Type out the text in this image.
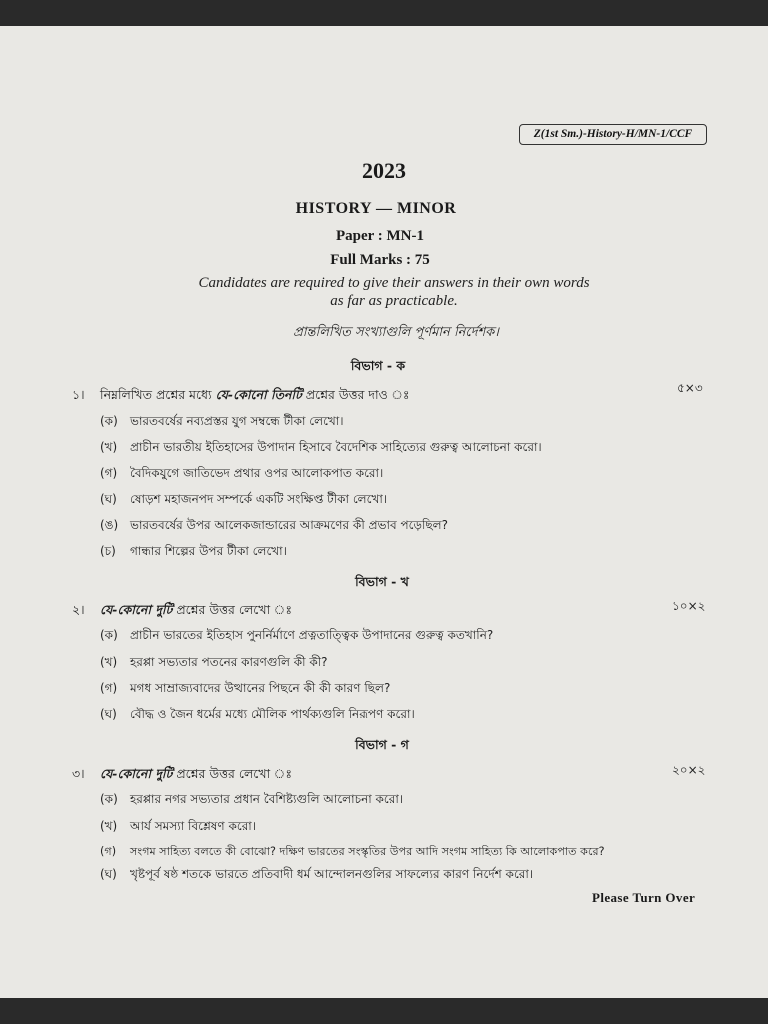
Z(1st Sm.)-History-H/MN-1/CCF
2023
HISTORY — MINOR
Paper : MN-1
Full Marks : 75
Candidates are required to give their answers in their own words
as far as practicable.
প্রান্তলিখিত সংখ্যাগুলি পূর্ণমান নির্দেশক।
বিভাগ - ক
১। নিম্নলিখিত প্রশ্নের মধ্যে যে-কোনো তিনটি প্রশ্নের উত্তর দাও ঃ	৫×৩
(ক) ভারতবর্ষের নব্যপ্রস্তর যুগ সম্বন্ধে টীকা লেখো।
(খ) প্রাচীন ভারতীয় ইতিহাসের উপাদান হিসাবে বৈদেশিক সাহিত্যের গুরুত্ব আলোচনা করো।
(গ) বৈদিকযুগে জাতিভেদ প্রথার ওপর আলোকপাত করো।
(ঘ) ষোড়শ মহাজনপদ সম্পর্কে একটি সংক্ষিপ্ত টীকা লেখো।
(ঙ) ভারতবর্ষের উপর আলেকজান্ডারের আক্রমণের কী প্রভাব পড়েছিল?
(চ) গান্ধার শিল্পের উপর টীকা লেখো।
বিভাগ - খ
২। যে-কোনো দুটি প্রশ্নের উত্তর লেখো ঃ	১০×২
(ক) প্রাচীন ভারতের ইতিহাস পুনর্নির্মাণে প্রত্নতাত্ত্বিক উপাদানের গুরুত্ব কতখানি?
(খ) হরপ্পা সভ্যতার পতনের কারণগুলি কী কী?
(গ) মগধ সাম্রাজ্যবাদের উত্থানের পিছনে কী কী কারণ ছিল?
(ঘ) বৌদ্ধ ও জৈন ধর্মের মধ্যে মৌলিক পার্থক্যগুলি নিরূপণ করো।
বিভাগ - গ
৩। যে-কোনো দুটি প্রশ্নের উত্তর লেখো ঃ	২০×২
(ক) হরপ্পার নগর সভ্যতার প্রধান বৈশিষ্ট্যগুলি আলোচনা করো।
(খ) আর্য সমস্যা বিশ্লেষণ করো।
(গ) সংগম সাহিত্য বলতে কী বোঝো? দক্ষিণ ভারতের সংস্কৃতির উপর আদি সংগম সাহিত্য কি আলোকপাত করে?
(ঘ) খৃষ্টপূর্ব ষষ্ঠ শতকে ভারতে প্রতিবাদী ধর্ম আন্দোলনগুলির সাফল্যের কারণ নির্দেশ করো।
Please Turn Over
